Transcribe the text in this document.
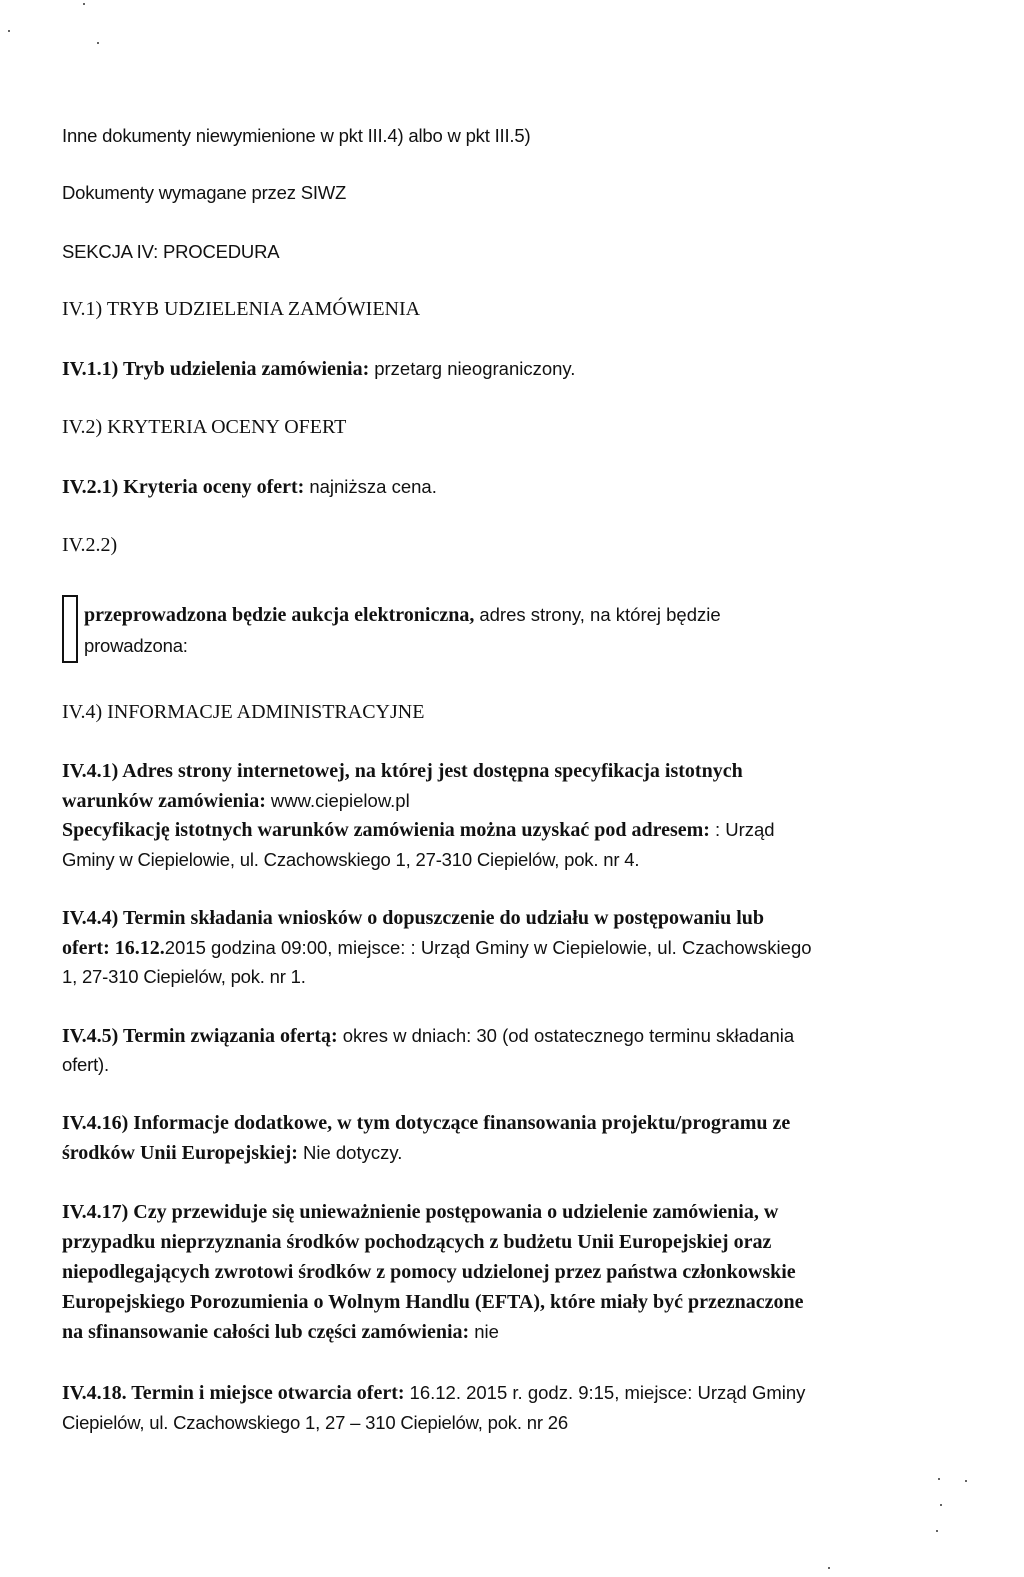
Inne dokumenty niewymienione w pkt III.4) albo w pkt III.5)
Dokumenty wymagane przez SIWZ
SEKCJA IV: PROCEDURA
IV.1) TRYB UDZIELENIA ZAMÓWIENIA
IV.1.1) Tryb udzielenia zamówienia: przetarg nieograniczony.
IV.2) KRYTERIA OCENY OFERT
IV.2.1) Kryteria oceny ofert: najniższa cena.
IV.2.2)
przeprowadzona będzie aukcja elektroniczna, adres strony, na której będzie
prowadzona:
IV.4) INFORMACJE ADMINISTRACYJNE
IV.4.1) Adres strony internetowej, na której jest dostępna specyfikacja istotnych
warunków zamówienia: www.ciepielow.pl
Specyfikację istotnych warunków zamówienia można uzyskać pod adresem: : Urząd
Gminy w Ciepielowie, ul. Czachowskiego 1, 27-310 Ciepielów, pok. nr 4.
IV.4.4) Termin składania wniosków o dopuszczenie do udziału w postępowaniu lub
ofert: 16.12.2015 godzina 09:00, miejsce: : Urząd Gminy w Ciepielowie, ul. Czachowskiego
1, 27-310 Ciepielów, pok. nr 1.
IV.4.5) Termin związania ofertą: okres w dniach: 30 (od ostatecznego terminu składania
ofert).
IV.4.16) Informacje dodatkowe, w tym dotyczące finansowania projektu/programu ze
środków Unii Europejskiej: Nie dotyczy.
IV.4.17) Czy przewiduje się unieważnienie postępowania o udzielenie zamówienia, w
przypadku nieprzyznania środków pochodzących z budżetu Unii Europejskiej oraz
niepodlegających zwrotowi środków z pomocy udzielonej przez państwa członkowskie
Europejskiego Porozumienia o Wolnym Handlu (EFTA), które miały być przeznaczone
na sfinansowanie całości lub części zamówienia: nie
IV.4.18. Termin i miejsce otwarcia ofert: 16.12. 2015 r. godz. 9:15, miejsce: Urząd Gminy
Ciepielów, ul. Czachowskiego 1, 27 – 310 Ciepielów, pok. nr 26
